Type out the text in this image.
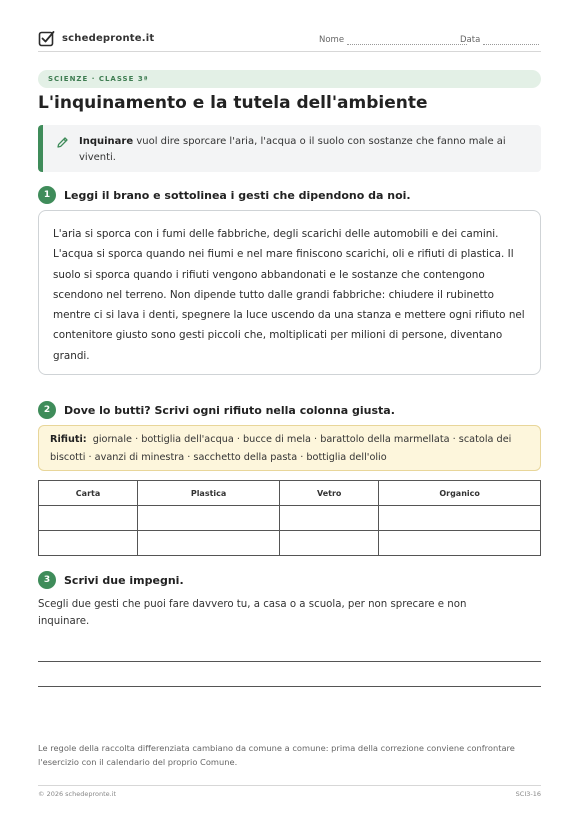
schedepronte.it	Nome	Data
SCIENZE · CLASSE 3ª
L'inquinamento e la tutela dell'ambiente
Inquinare vuol dire sporcare l'aria, l'acqua o il suolo con sostanze che fanno male ai viventi.
1	Leggi il brano e sottolinea i gesti che dipendono da noi.
L'aria si sporca con i fumi delle fabbriche, degli scarichi delle automobili e dei camini. L'acqua si sporca quando nei fiumi e nel mare finiscono scarichi, oli e rifiuti di plastica. Il suolo si sporca quando i rifiuti vengono abbandonati e le sostanze che contengono scendono nel terreno. Non dipende tutto dalle grandi fabbriche: chiudere il rubinetto mentre ci si lava i denti, spegnere la luce uscendo da una stanza e mettere ogni rifiuto nel contenitore giusto sono gesti piccoli che, moltiplicati per milioni di persone, diventano grandi.
2	Dove lo butti? Scrivi ogni rifiuto nella colonna giusta.
Rifiuti: giornale · bottiglia dell'acqua · bucce di mela · barattolo della marmellata · scatola dei biscotti · avanzi di minestra · sacchetto della pasta · bottiglia dell'olio
Carta	Plastica	Vetro	Organico

3	Scrivi due impegni.

Scegli due gesti che puoi fare davvero tu, a casa o a scuola, per non sprecare e non inquinare.

Le regole della raccolta differenziata cambiano da comune a comune: prima della correzione conviene confrontare l'esercizio con il calendario del proprio Comune.

© 2026 schedepronte.it	SCI3-16
